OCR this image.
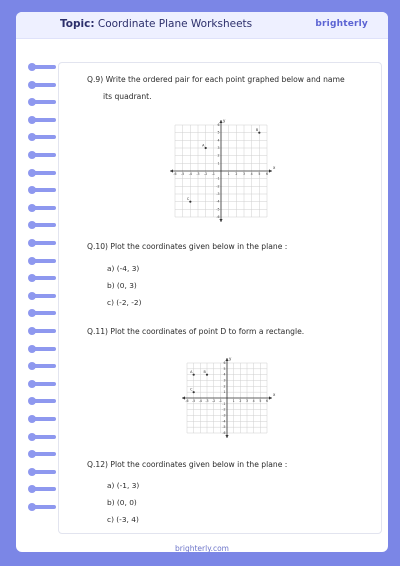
Topic: Coordinate Plane Worksheets	brighterly
Q.9) Write the ordered pair for each point graphed below and name
its quadrant.
x
y
-6
-6
-5
-5
-4
-4
-3
-3
-2
-2
-1
-1
1
1
2
2
3
3
4
4
5
5
6
6
A
B
C
Q.10) Plot the coordinates given below in the plane :
a) (-4, 3)
b) (0, 3)
c) (-2, -2)
Q.11) Plot the coordinates of point D to form a rectangle.
x
y
-6
-6
-5
-5
-4
-4
-3
-3
-2
-2
-1
-1
1
1
2
2
3
3
4
4
5
5
6
6
A	B
C
Q.12) Plot the coordinates given below in the plane :
a) (-1, 3)
b) (0, 0)
c) (-3, 4)
brighterly.com
